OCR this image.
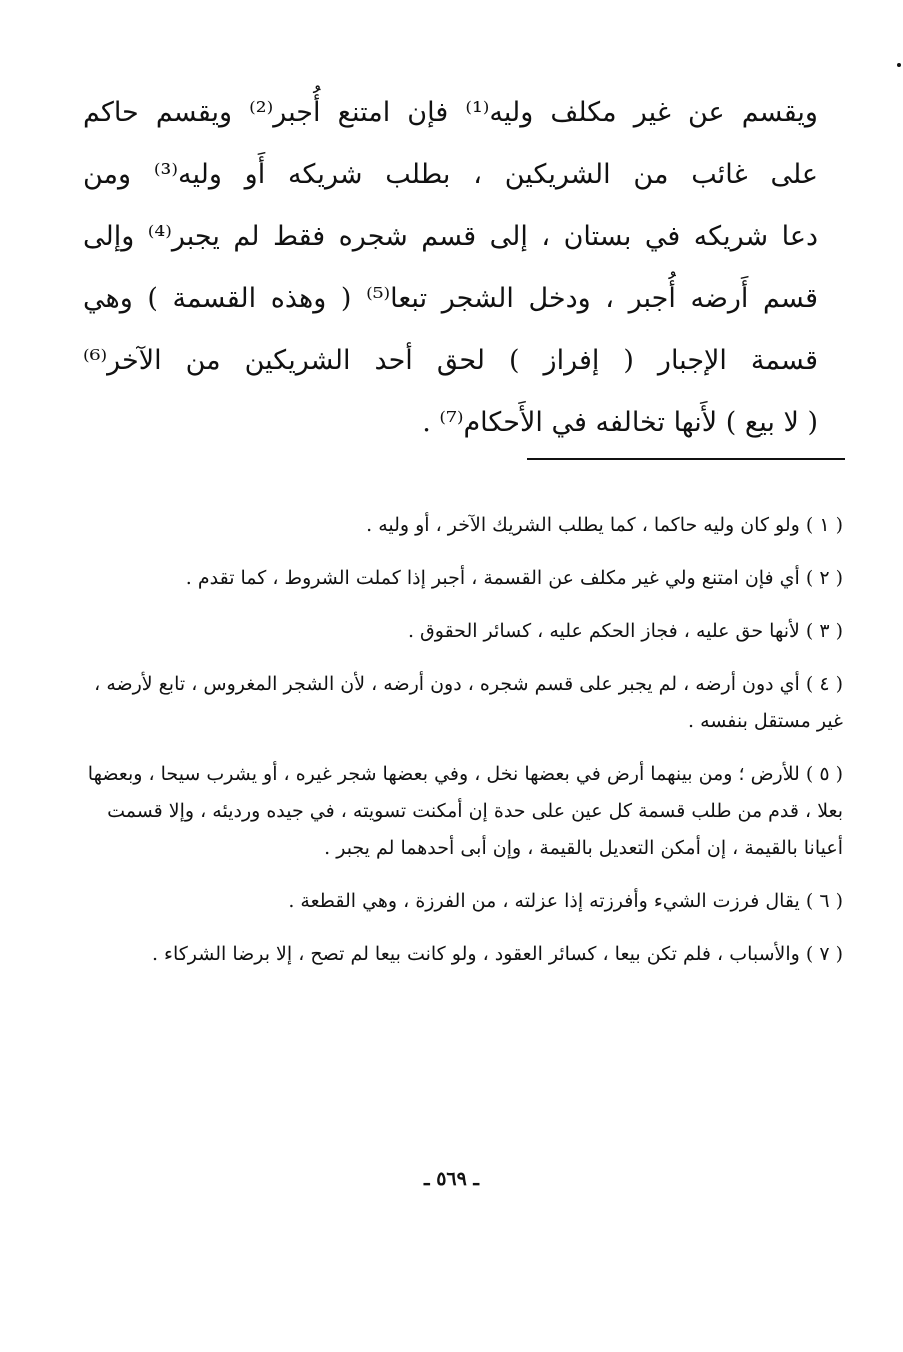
ويقسم عن غير مكلف وليه⁽¹⁾ فإن امتنع أُجبر⁽²⁾ ويقسم حاكم
على غائب من الشريكين ، بطلب شريكه أَو وليه⁽³⁾ ومن
دعا شريكه في بستان ، إلى قسم شجره فقط لم يجبر⁽⁴⁾ وإلى
قسم أَرضه أُجبر ، ودخل الشجر تبعا⁽⁵⁾ ( وهذه القسمة ) وهي
قسمة الإجبار ( إفراز ) لحق أحد الشريكين من الآخر⁽⁶⁾
( لا بيع ) لأَنها تخالفه في الأَحكام⁽⁷⁾ .

( ١ ) ولو كان وليه حاكما ، كما يطلب الشريك الآخر ، أو وليه .

( ٢ ) أي فإن امتنع ولي غير مكلف عن القسمة ، أجبر إذا كملت الشروط ، كما تقدم .

( ٣ ) لأنها حق عليه ، فجاز الحكم عليه ، كسائر الحقوق .

( ٤ ) أي دون أرضه ، لم يجبر على قسم شجره ، دون أرضه ، لأن الشجر المغروس ، تابع لأرضه ، غير مستقل بنفسه .

( ٥ ) للأرض ؛ ومن بينهما أرض في بعضها نخل ، وفي بعضها شجر غيره ، أو يشرب سيحا ، وبعضها بعلا ، قدم من طلب قسمة كل عين على حدة إن أمكنت تسويته ، في جيده ورديئه ، وإلا قسمت أعيانا بالقيمة ، إن أمكن التعديل بالقيمة ، وإن أبى أحدهما لم يجبر .

( ٦ ) يقال فرزت الشيء وأفرزته إذا عزلته ، من الفرزة ، وهي القطعة .

( ٧ ) والأسباب ، فلم تكن بيعا ، كسائر العقود ، ولو كانت بيعا لم تصح ، إلا برضا الشركاء .

ـ ٥٦٩ ـ
